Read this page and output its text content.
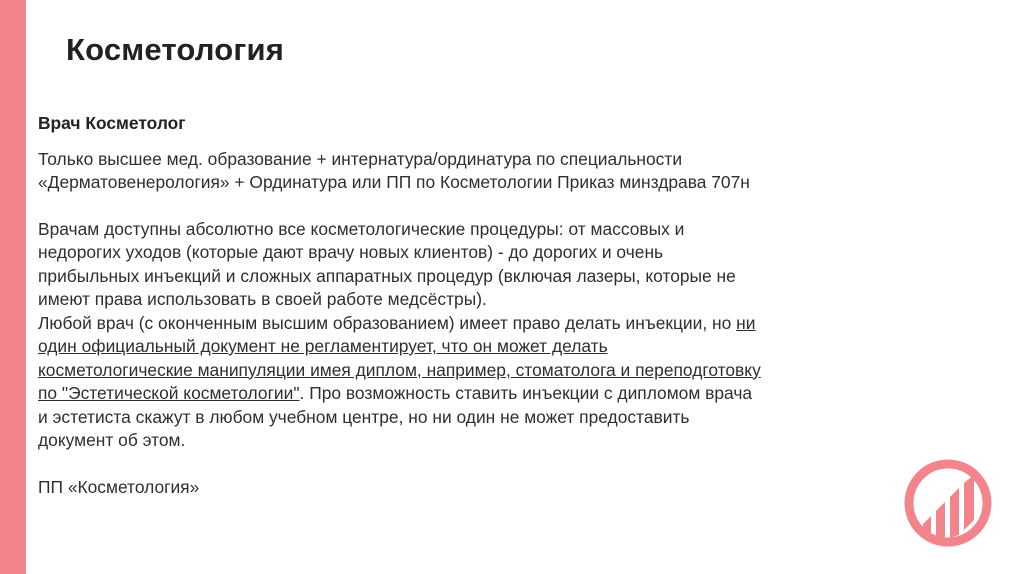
Косметология

Врач Косметолог

Только высшее мед. образование + интернатура/ординатура по специальности
«Дерматовенерология» + Ординатура или ПП по Косметологии Приказ минздрава 707н
Врачам доступны абсолютно все косметологические процедуры: от массовых и
недорогих уходов (которые дают врачу новых клиентов) - до дорогих и очень
прибыльных инъекций и сложных аппаратных процедур (включая лазеры, которые не
имеют права использовать в своей работе медсёстры).
Любой врач (с оконченным высшим образованием) имеет право делать инъекции, но ни
один официальный документ не регламентирует, что он может делать
косметологические манипуляции имея диплом, например, стоматолога и переподготовку
по "Эстетической косметологии". Про возможность ставить инъекции с дипломом врача
и эстетиста скажут в любом учебном центре, но ни один не может предоставить
документ об этом.
ПП «Косметология»
